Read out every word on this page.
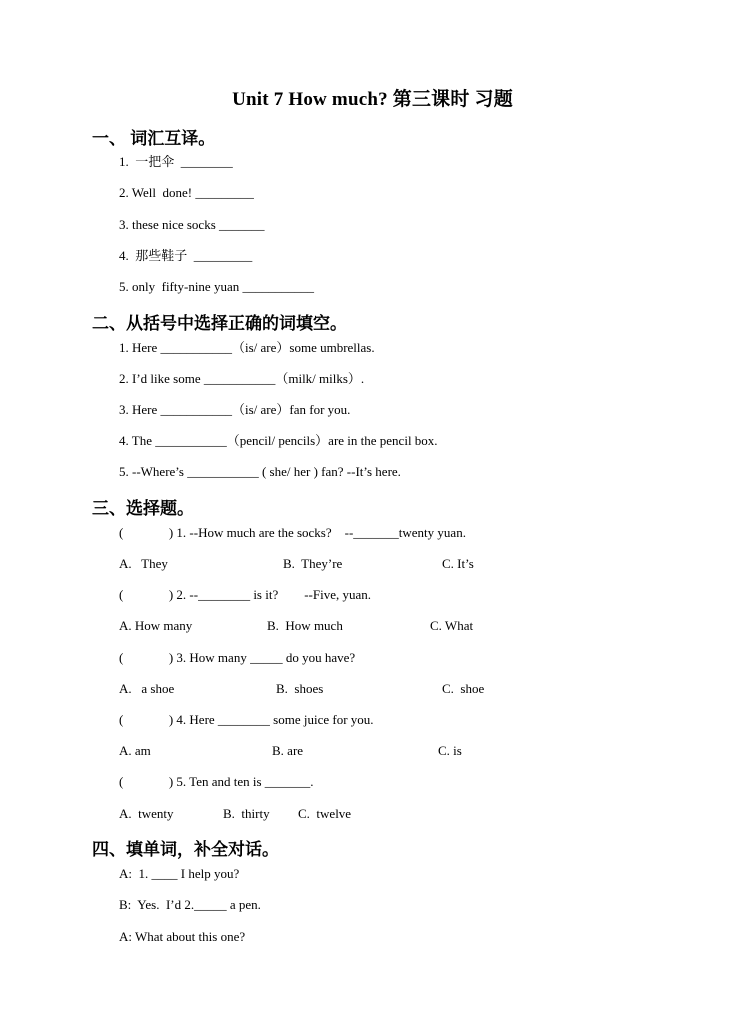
Unit 7 How much? 第三课时 习题
一、 词汇互译。
1.  一把伞  ________
2. Well  done! _________
3. these nice socks _______
4.  那些鞋子  _________
5. only  fifty-nine yuan ___________
二、从括号中选择正确的词填空。
1. Here ___________（is/ are）some umbrellas.
2. I’d like some ___________（milk/ milks）.
3. Here ___________（is/ are）fan for you.
4. The ___________（pencil/ pencils）are in the pencil box.
5. --Where’s ___________ ( she/ her ) fan? --It’s here.
三、选择题。
(              ) 1. --How much are the socks?    --_______twenty yuan.
A.   They	B.  They’re	C. It’s
(              ) 2. --________ is it?        --Five, yuan.
A. How many	B.  How much	C. What
(              ) 3. How many _____ do you have?
A.   a shoe	B.  shoes	C.  shoe
(              ) 4. Here ________ some juice for you.
A. am	B. are	C. is
(              ) 5. Ten and ten is _______.
A.  twenty	B.  thirty C.  twelve
四、填单词，补全对话。
A:  1. ____ I help you?
B:  Yes.  I’d 2._____ a pen.
A: What about this one?
